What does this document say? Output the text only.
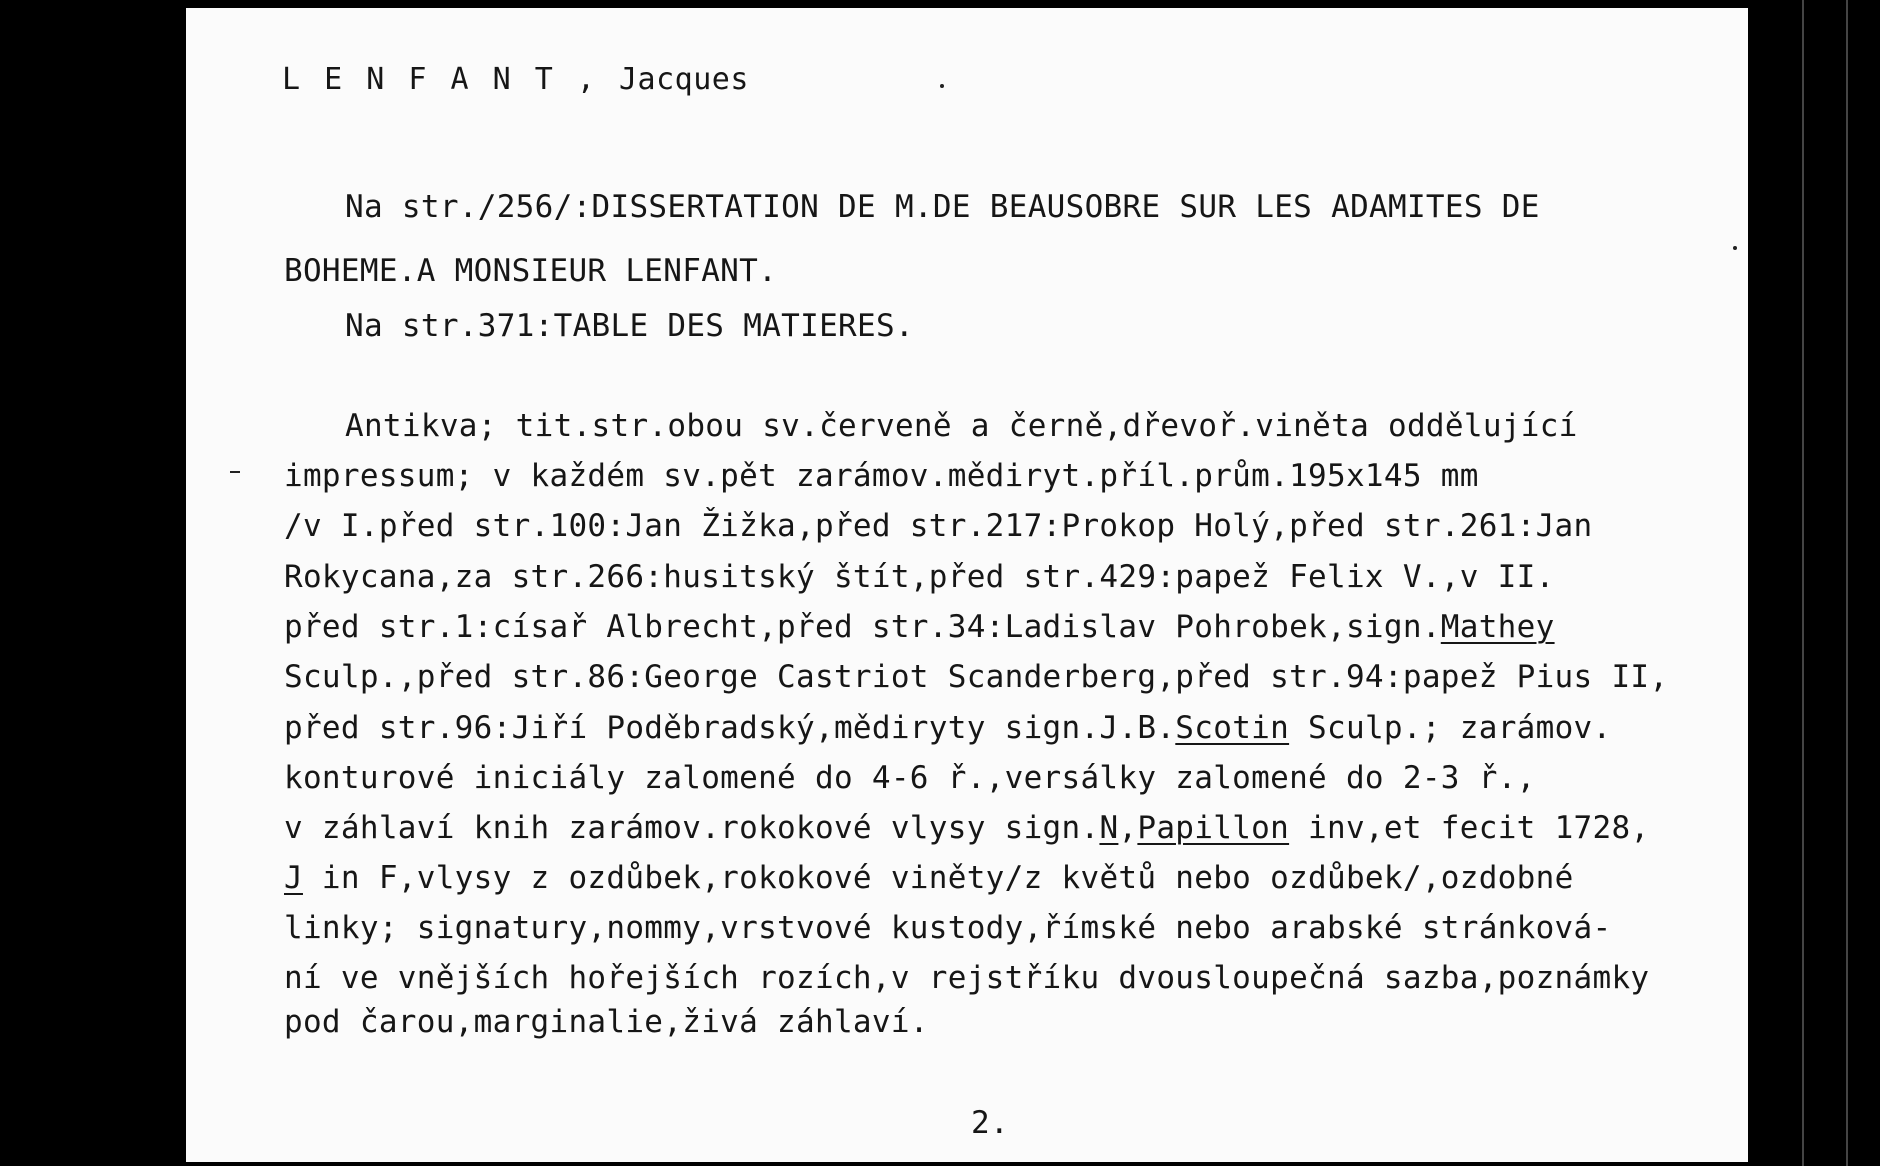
L E N F A N T , Jacques
Na str./256/:DISSERTATION DE M.DE BEAUSOBRE SUR LES ADAMITES DE
BOHEME.A MONSIEUR LENFANT.
Na str.371:TABLE DES MATIERES.
Antikva; tit.str.obou sv.červeně a černě,dřevoř.viněta oddělující
impressum; v každém sv.pět zarámov.mědiryt.příl.prům.195x145 mm
/v I.před str.100:Jan Žižka,před str.217:Prokop Holý,před str.261:Jan
Rokycana,za str.266:husitský štít,před str.429:papež Felix V.,v II.
před str.1:císař Albrecht,před str.34:Ladislav Pohrobek,sign.Mathey
Sculp.,před str.86:George Castriot Scanderberg,před str.94:papež Pius II,
před str.96:Jiří Poděbradský,mědiryty sign.J.B.Scotin Sculp.; zarámov.
konturové iniciály zalomené do 4-6 ř.,versálky zalomené do 2-3 ř.,
v záhlaví knih zarámov.rokokové vlysy sign.N,Papillon inv,et fecit 1728,
J in F,vlysy z ozdůbek,rokokové viněty/z květů nebo ozdůbek/,ozdobné
linky; signatury,nommy,vrstvové kustody,římské nebo arabské stránková-
ní ve vnějších hořejších rozích,v rejstříku dvousloupečná sazba,poznámky
pod čarou,marginalie,živá záhlaví.
2.
